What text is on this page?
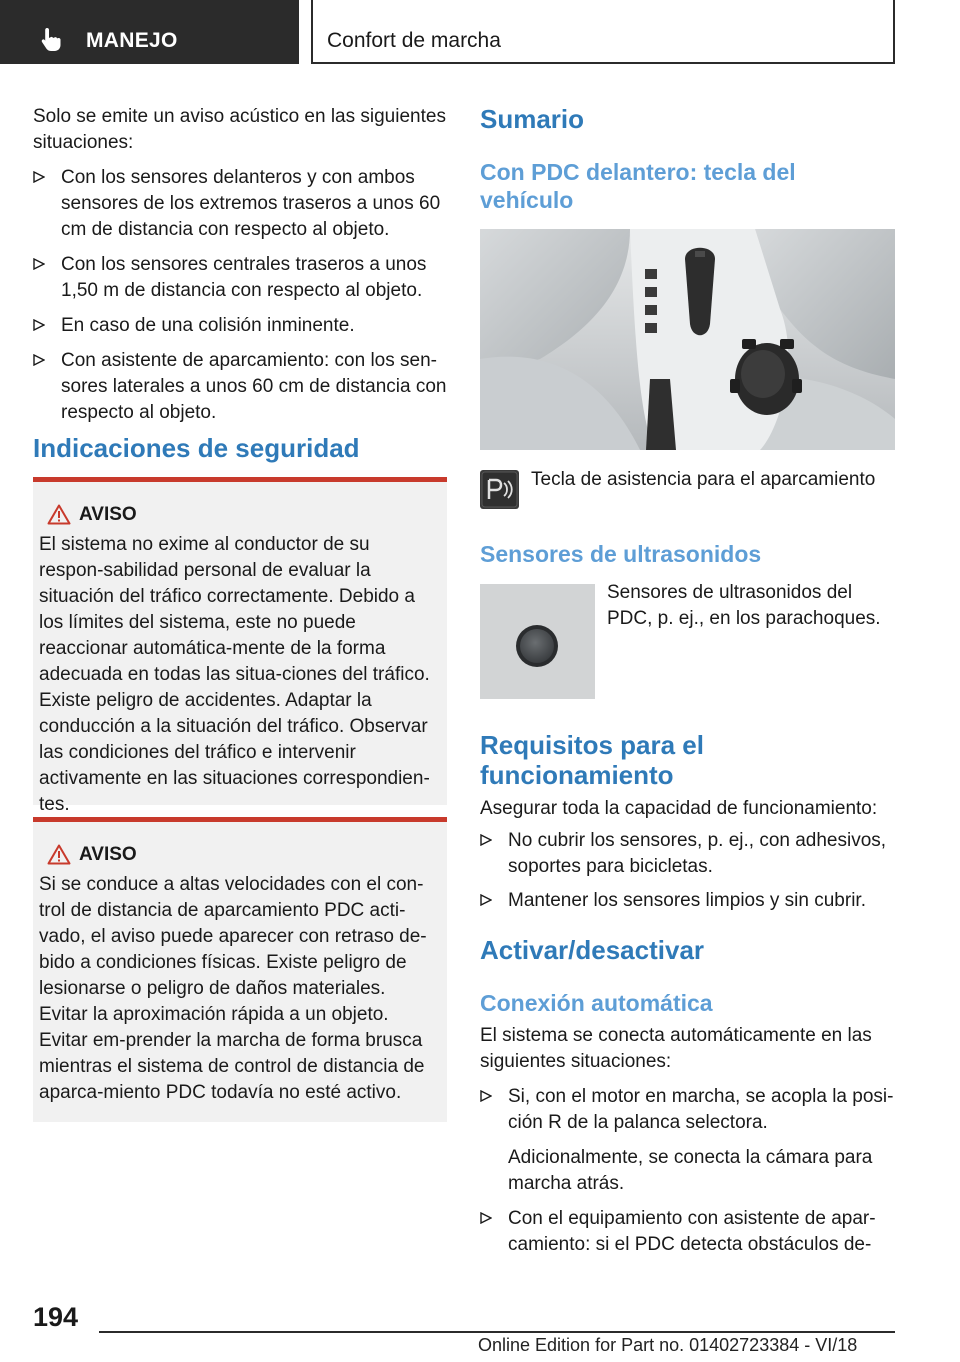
MANEJO	Confort de marcha

Solo se emite un aviso acústico en las siguientes situaciones:

Con los sensores delanteros y con ambos sensores de los extremos traseros a unos 60 cm de distancia con respecto al objeto.
Con los sensores centrales traseros a unos 1,50 m de distancia con respecto al objeto.
En caso de una colisión inminente.
Con asistente de aparcamiento: con los sen-sores laterales a unos 60 cm de distancia con respecto al objeto.
Indicaciones de seguridad
AVISO

El sistema no exime al conductor de su respon-sabilidad personal de evaluar la situación del tráfico correctamente. Debido a los límites del sistema, este no puede reaccionar automática-mente de la forma adecuada en todas las situa-ciones del tráfico. Existe peligro de accidentes. Adaptar la conducción a la situación del tráfico. Observar las condiciones del tráfico e intervenir activamente en las situaciones correspondien-tes.

AVISO

Si se conduce a altas velocidades con el con-trol de distancia de aparcamiento PDC acti-vado, el aviso puede aparecer con retraso de-bido a condiciones físicas. Existe peligro de lesionarse o peligro de daños materiales. Evitar la aproximación rápida a un objeto. Evitar em-prender la marcha de forma brusca mientras el sistema de control de distancia de aparca-miento PDC todavía no esté activo.

Sumario
Con PDC delantero: tecla del vehículo
Tecla de asistencia para el aparcamiento
Sensores de ultrasonidos
Sensores de ultrasonidos del PDC, p. ej., en los parachoques.
Requisitos para el funcionamiento

Asegurar toda la capacidad de funcionamiento:

No cubrir los sensores, p. ej., con adhesivos, soportes para bicicletas.
Mantener los sensores limpios y sin cubrir.
Activar/desactivar
Conexión automática

El sistema se conecta automáticamente en las siguientes situaciones:

Si, con el motor en marcha, se acopla la posi-ción R de la palanca selectora.

Adicionalmente, se conecta la cámara para marcha atrás.

Con el equipamiento con asistente de apar-camiento: si el PDC detecta obstáculos de-
194
Online Edition for Part no. 01402723384 - VI/18
